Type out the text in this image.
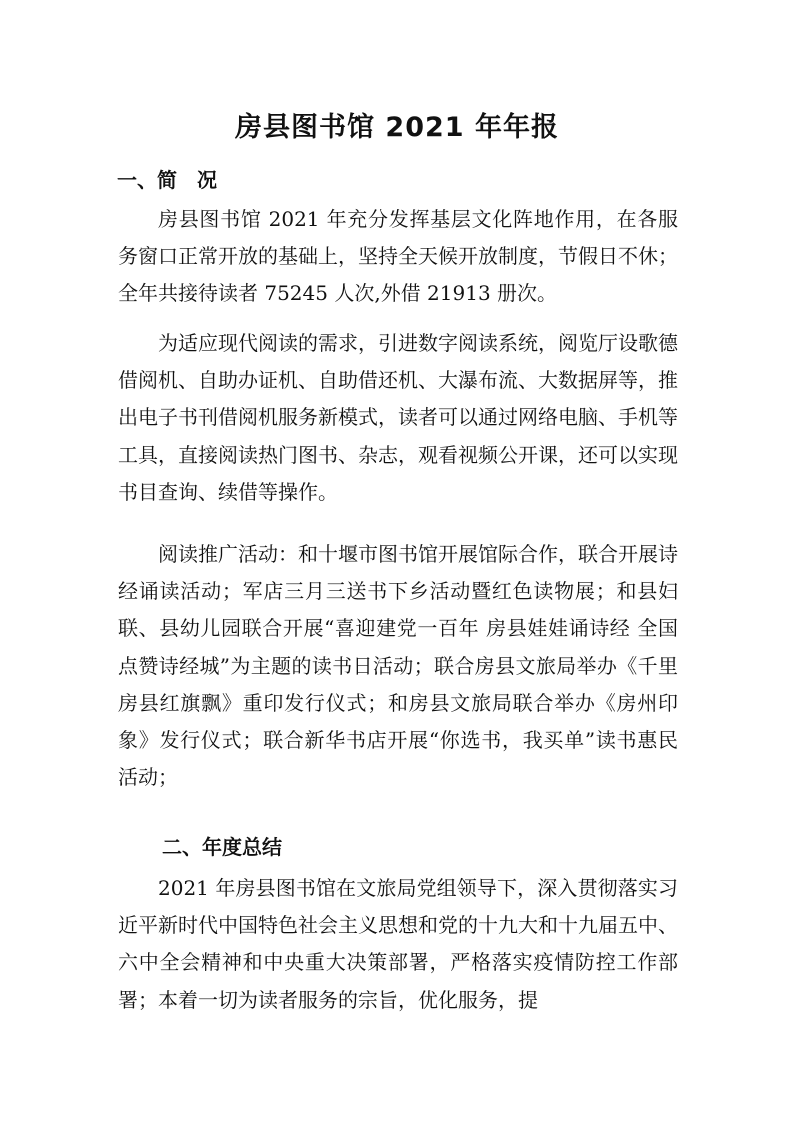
房县图书馆 2021 年年报
一、简　况

房县图书馆 2021 年充分发挥基层文化阵地作用，在各服务窗口正常开放的基础上，坚持全天候开放制度，节假日不休；全年共接待读者 75245 人次,外借 21913 册次。

为适应现代阅读的需求，引进数字阅读系统，阅览厅设歌德借阅机、自助办证机、自助借还机、大瀑布流、大数据屏等，推出电子书刊借阅机服务新模式，读者可以通过网络电脑、手机等工具，直接阅读热门图书、杂志，观看视频公开课，还可以实现书目查询、续借等操作。

阅读推广活动：和十堰市图书馆开展馆际合作，联合开展诗经诵读活动；军店三月三送书下乡活动暨红色读物展；和县妇联、县幼儿园联合开展“喜迎建党一百年 房县娃娃诵诗经 全国点赞诗经城”为主题的读书日活动；联合房县文旅局举办《千里房县红旗飘》重印发行仪式；和房县文旅局联合举办《房州印象》发行仪式；联合新华书店开展“你选书，我买单”读书惠民活动；

二、年度总结

2021 年房县图书馆在文旅局党组领导下，深入贯彻落实习近平新时代中国特色社会主义思想和党的十九大和十九届五中、六中全会精神和中央重大决策部署，严格落实疫情防控工作部署；本着一切为读者服务的宗旨，优化服务，提
